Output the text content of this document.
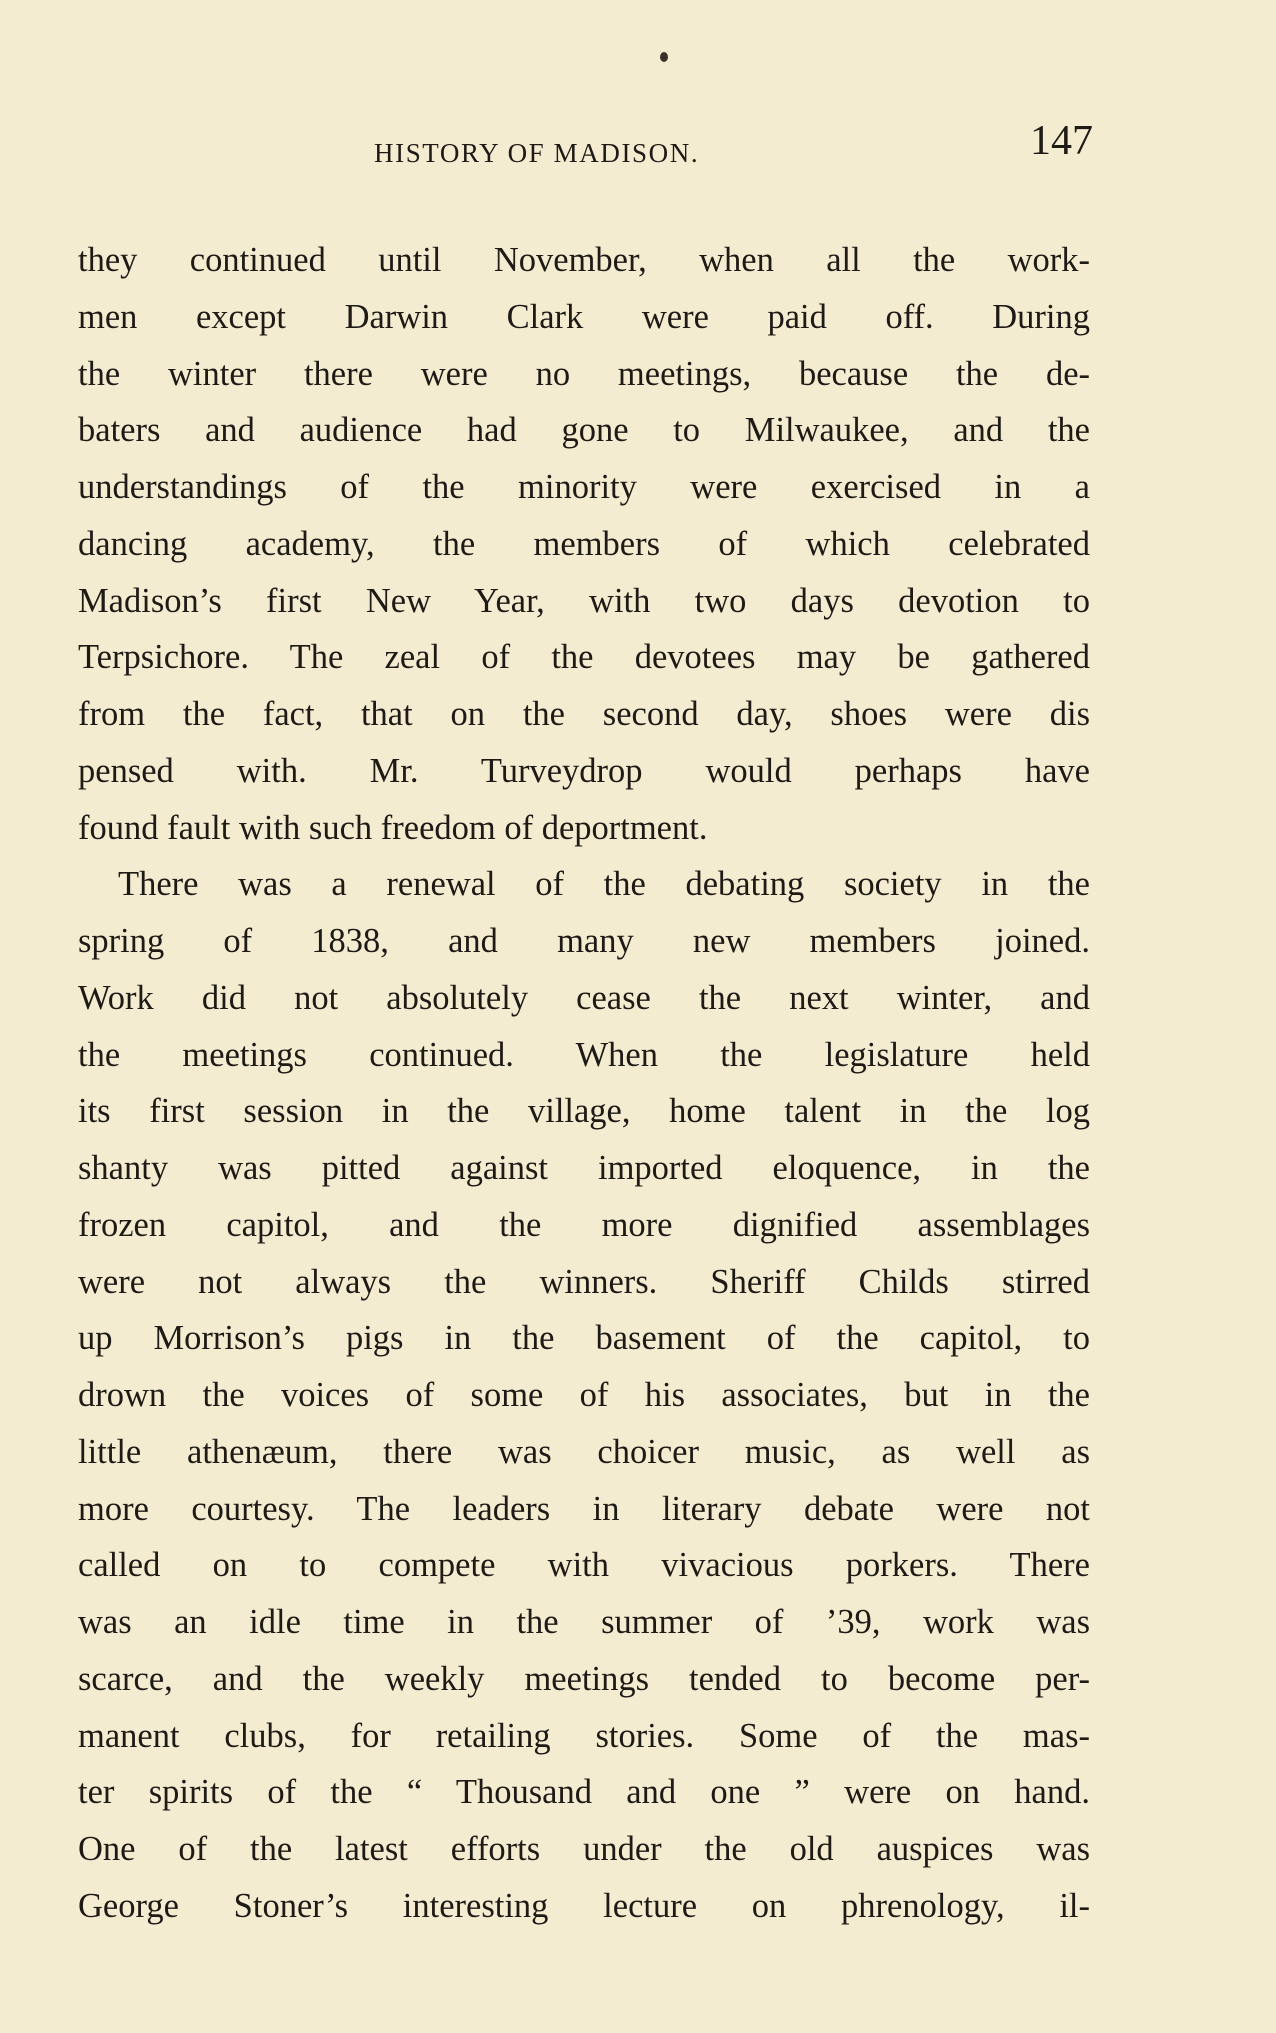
HISTORY OF MADISON.	147
they continued until November, when all the work-
men except Darwin Clark were paid off. During
the winter there were no meetings, because the de-
baters and audience had gone to Milwaukee, and the
understandings of the minority were exercised in a
dancing academy, the members of which celebrated
Madison’s first New Year, with two days devotion to
Terpsichore. The zeal of the devotees may be gathered
from the fact, that on the second day, shoes were dis
pensed with. Mr. Turveydrop would perhaps have
found fault with such freedom of deportment.
There was a renewal of the debating society in the
spring of 1838, and many new members joined.
Work did not absolutely cease the next winter, and
the meetings continued. When the legislature held
its first session in the village, home talent in the log
shanty was pitted against imported eloquence, in the
frozen capitol, and the more dignified assemblages
were not always the winners. Sheriff Childs stirred
up Morrison’s pigs in the basement of the capitol, to
drown the voices of some of his associates, but in the
little athenæum, there was choicer music, as well as
more courtesy. The leaders in literary debate were not
called on to compete with vivacious porkers. There
was an idle time in the summer of ’39, work was
scarce, and the weekly meetings tended to become per-
manent clubs, for retailing stories. Some of the mas-
ter spirits of the “ Thousand and one ” were on hand.
One of the latest efforts under the old auspices was
George Stoner’s interesting lecture on phrenology, il-
